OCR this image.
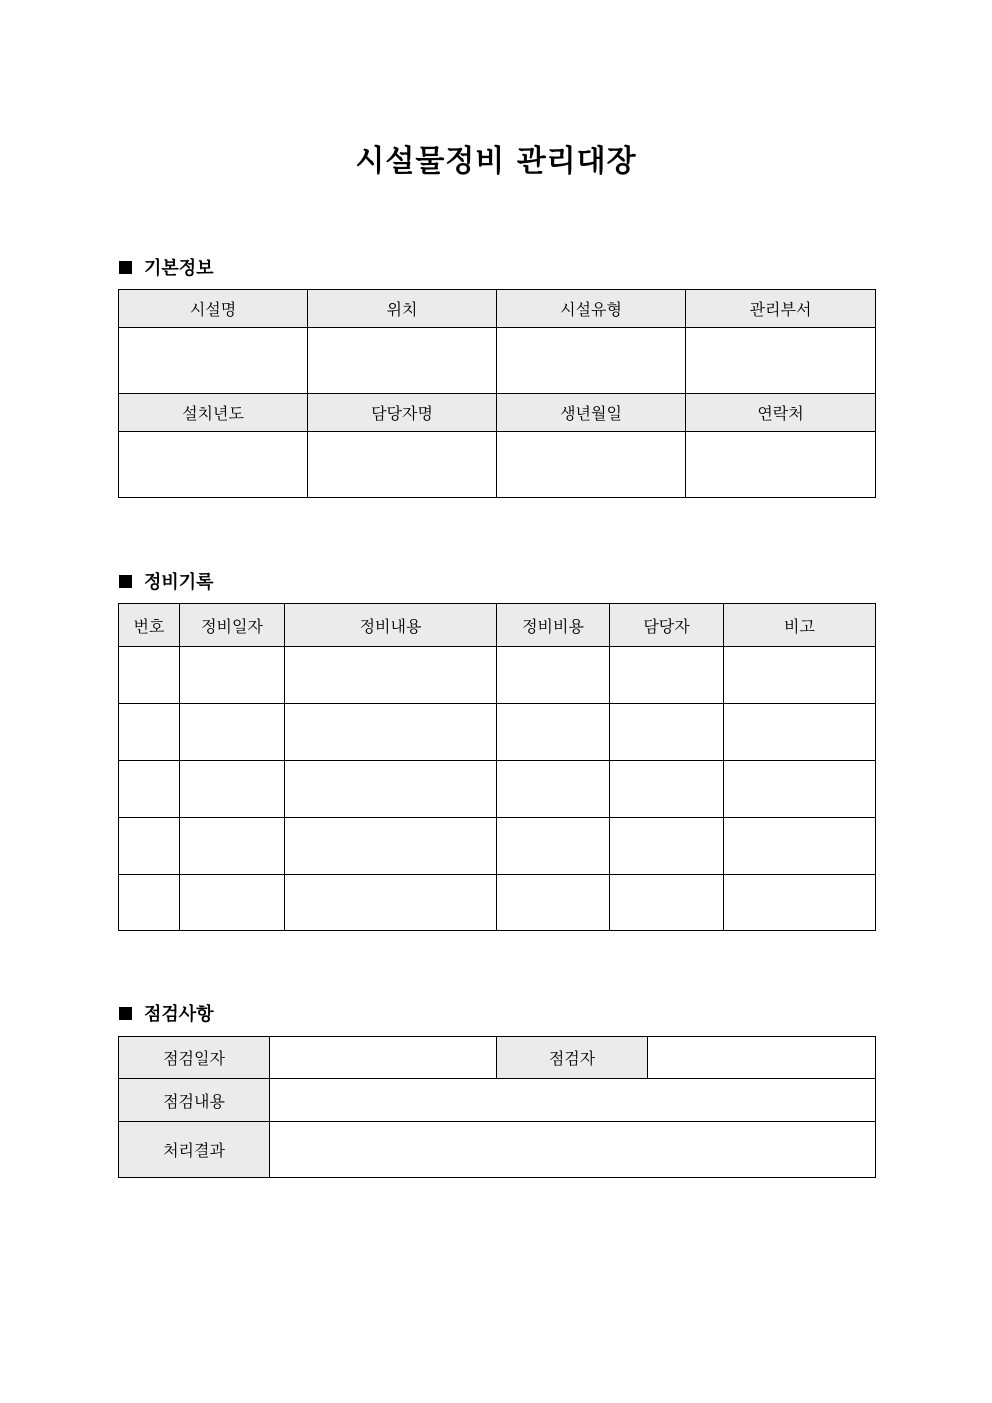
시설물정비 관리대장
기본정보
시설명	위치	시설유형	관리부서

설치년도	담당자명	생년월일	연락처

정비기록
번호	정비일자	정비내용	정비비용	담당자	비고

점검사항
점검일자		점검자	
점검내용			
처리결과			
